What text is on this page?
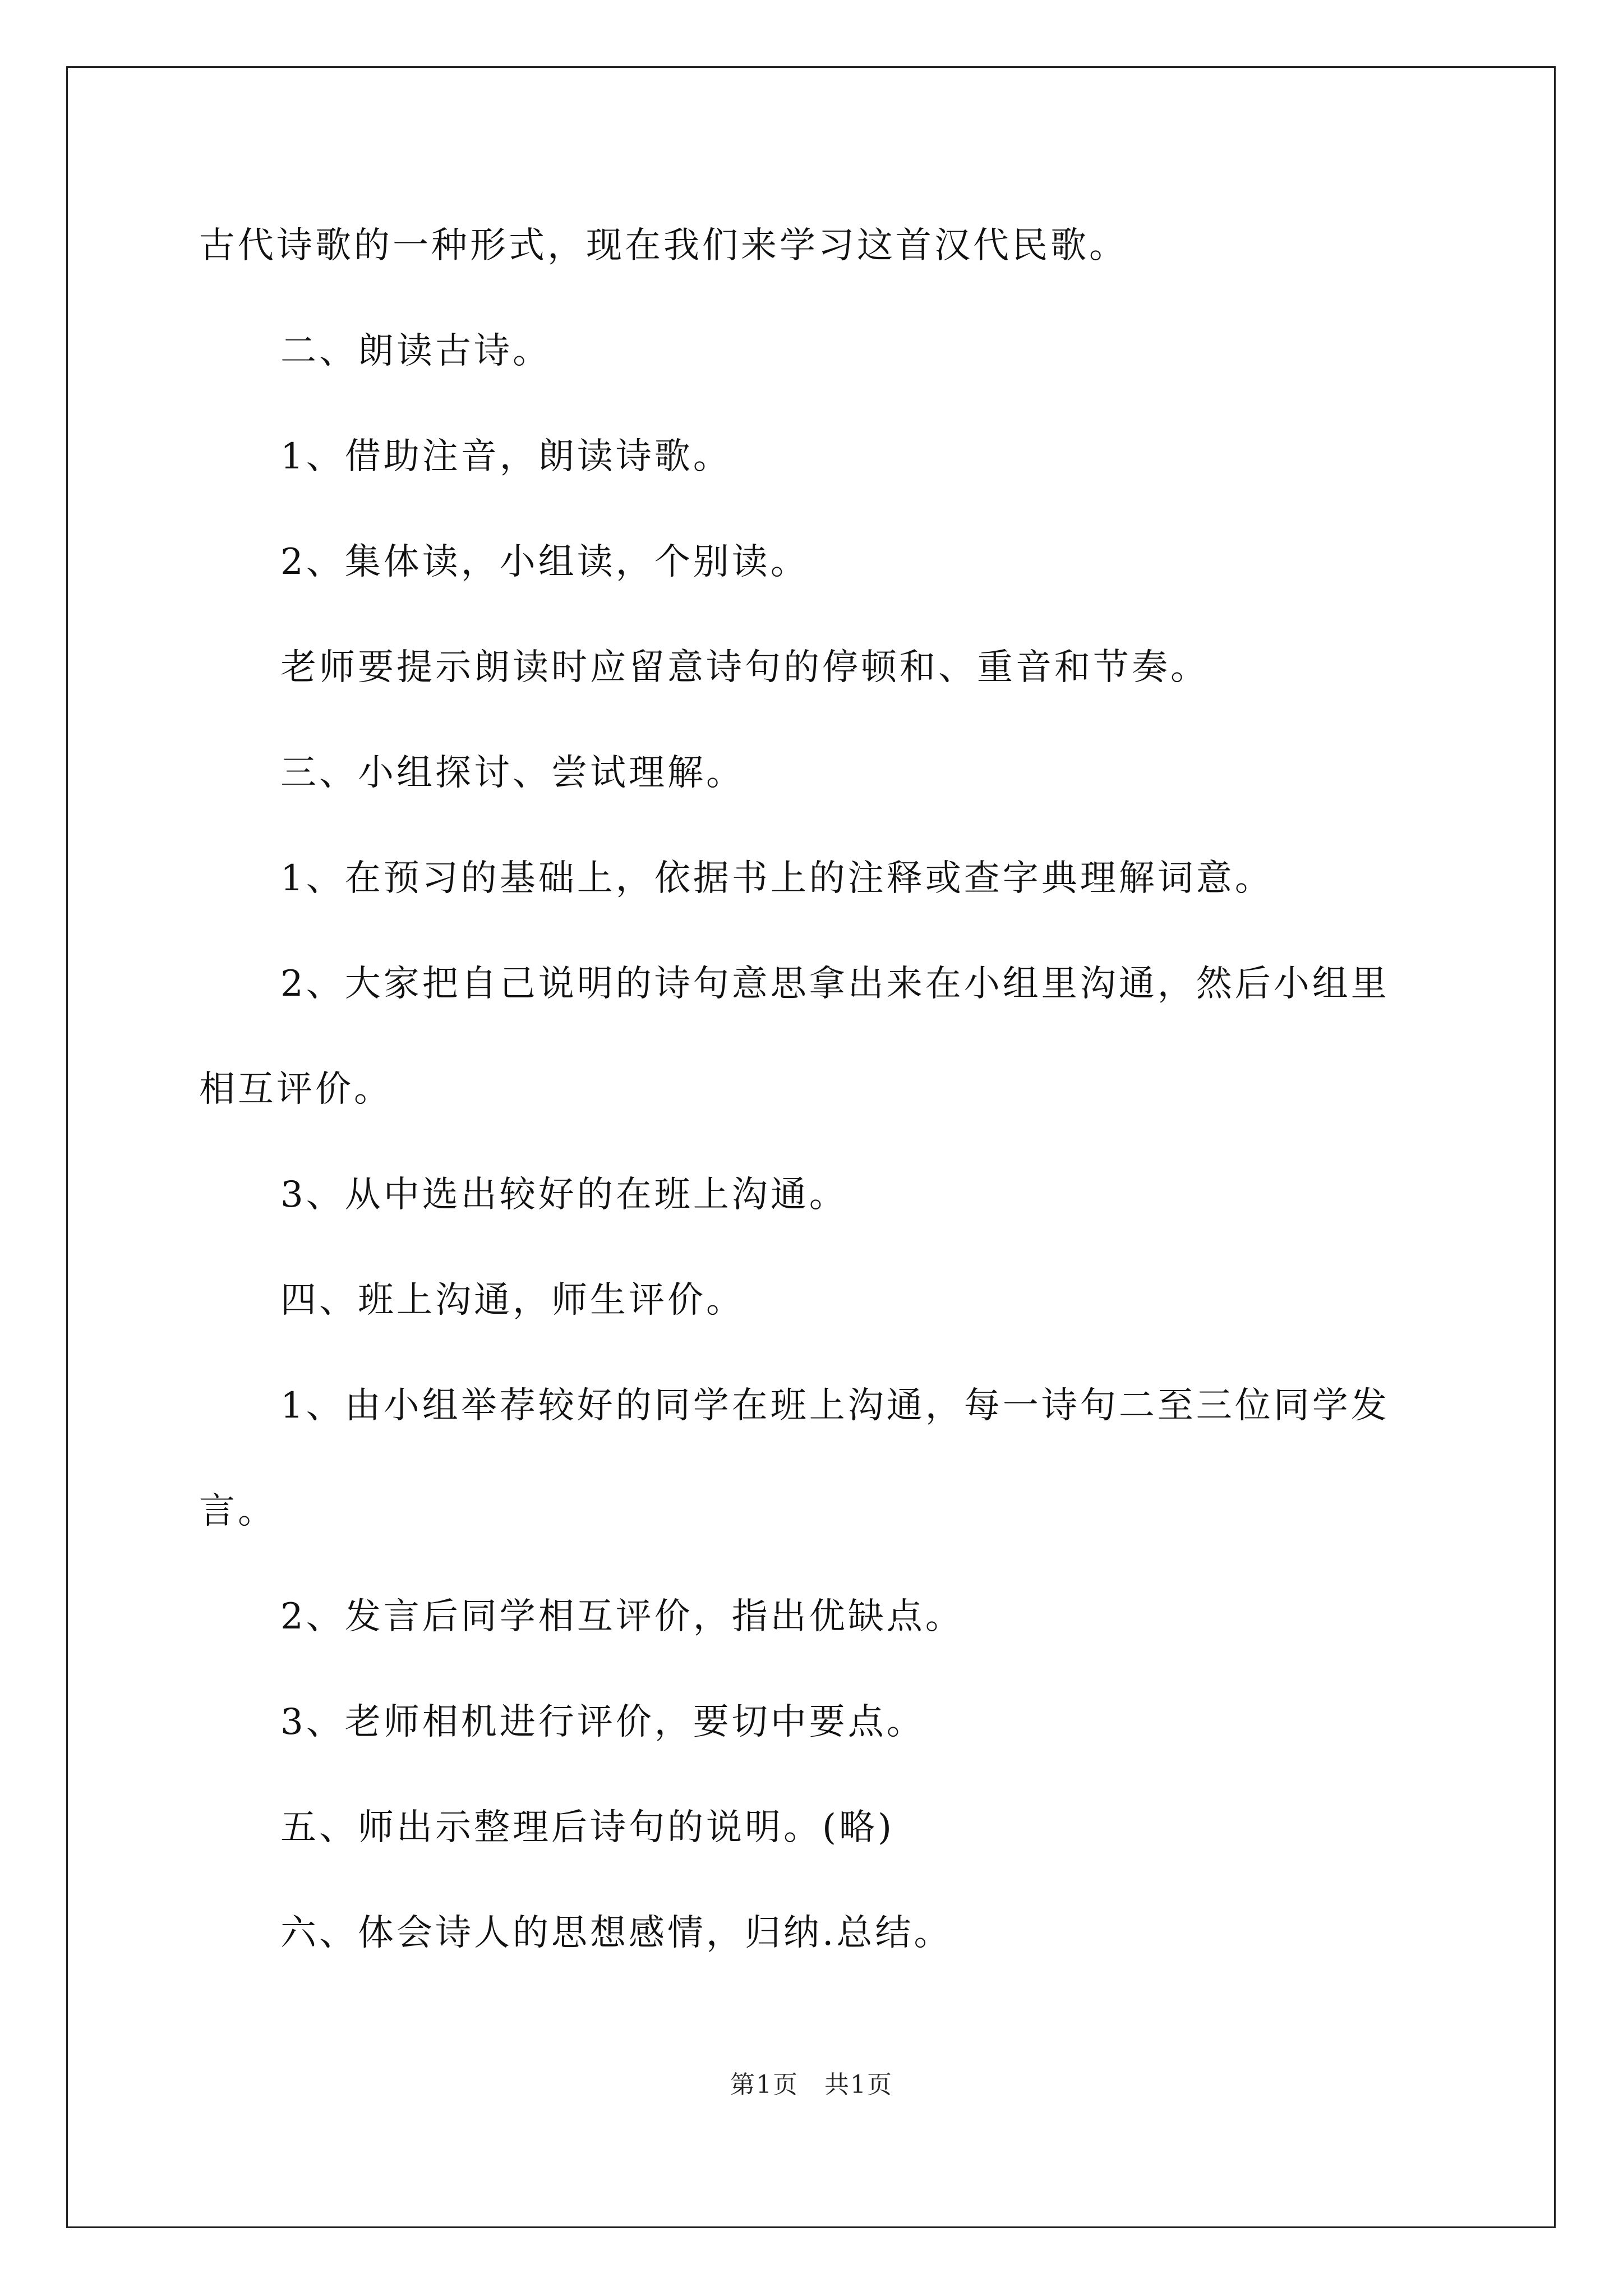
古代诗歌的一种形式，现在我们来学习这首汉代民歌。

二、朗读古诗。

1、借助注音，朗读诗歌。

2、集体读，小组读，个别读。

老师要提示朗读时应留意诗句的停顿和、重音和节奏。

三、小组探讨、尝试理解。

1、在预习的基础上，依据书上的注释或查字典理解词意。

2、大家把自己说明的诗句意思拿出来在小组里沟通，然后小组里
相互评价。

3、从中选出较好的在班上沟通。

四、班上沟通，师生评价。

1、由小组举荐较好的同学在班上沟通，每一诗句二至三位同学发
言。

2、发言后同学相互评价，指出优缺点。

3、老师相机进行评价，要切中要点。

五、师出示整理后诗句的说明。(略)

六、体会诗人的思想感情，归纳.总结。

第1页　共1页
